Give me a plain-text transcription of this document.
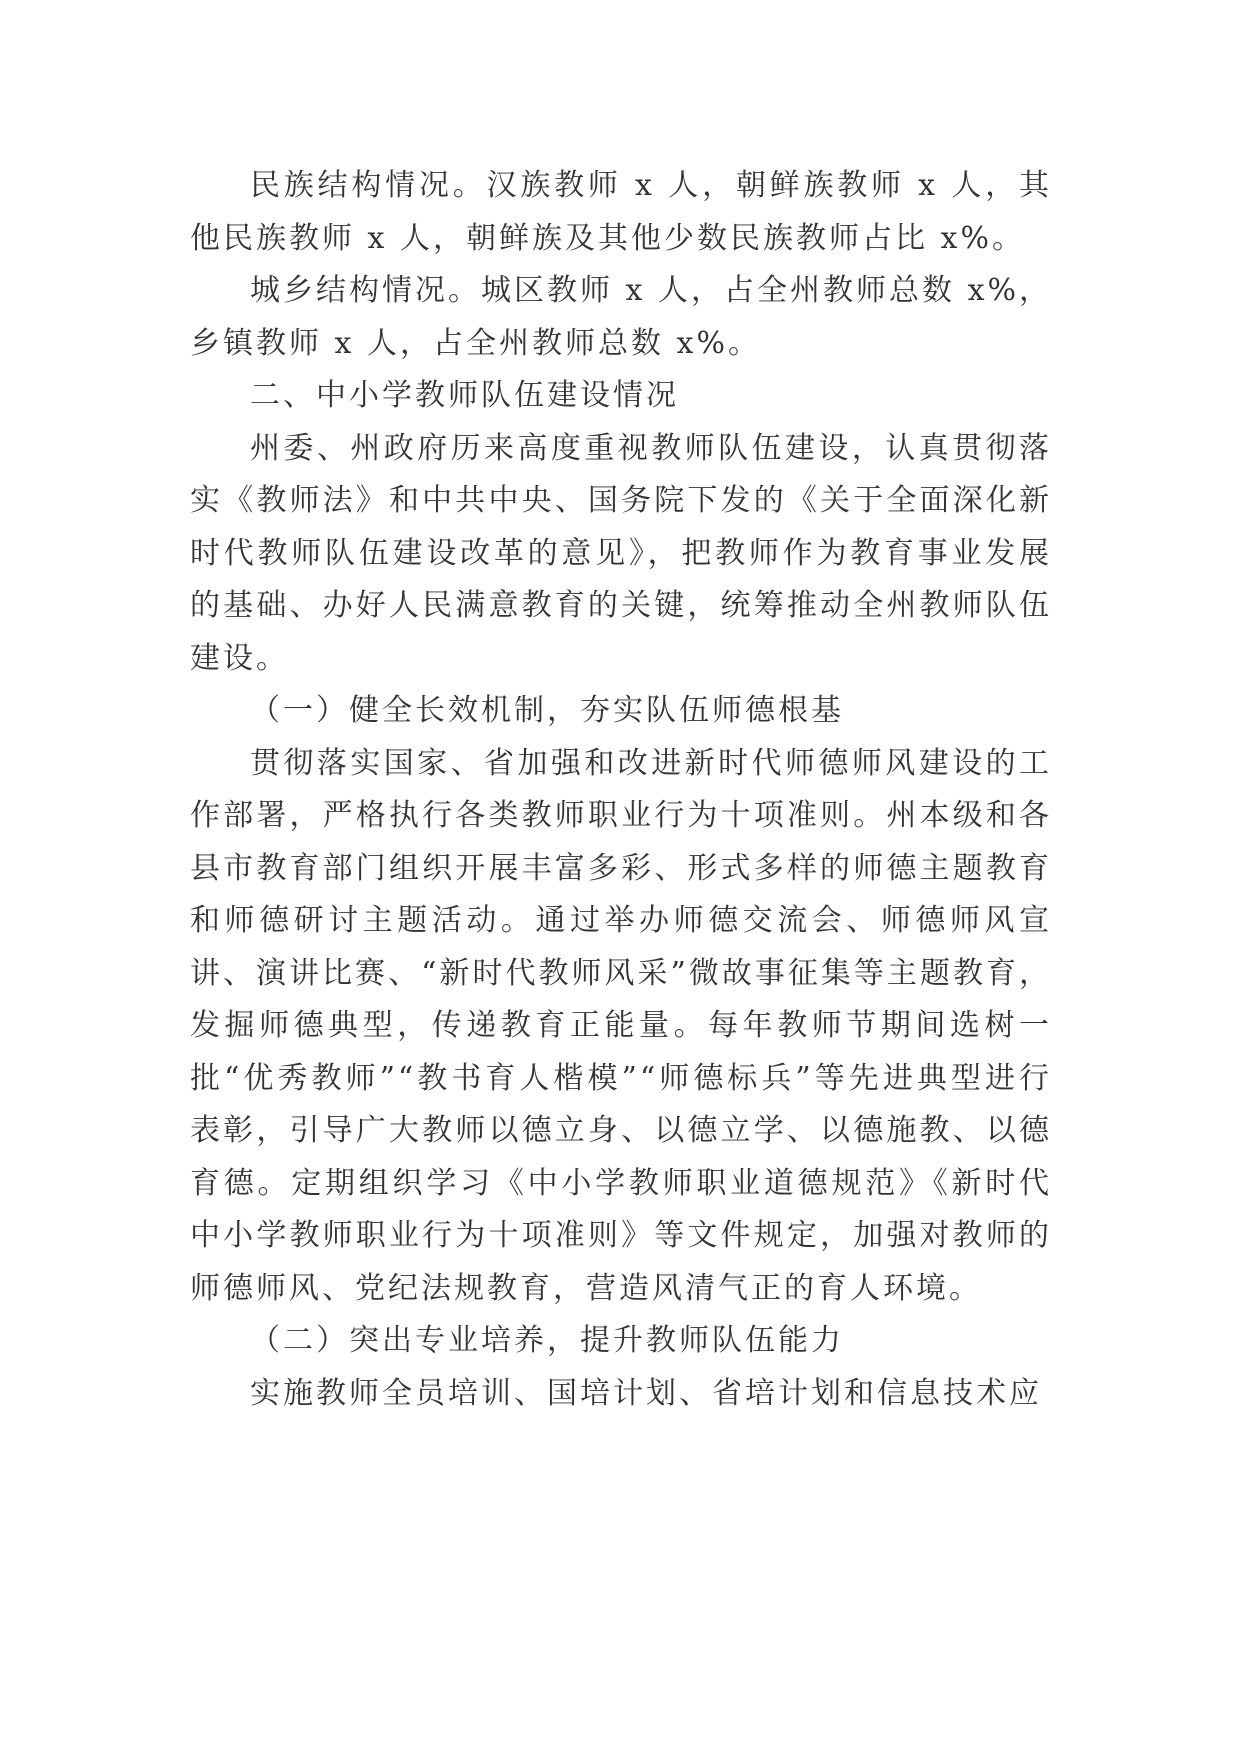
民族结构情况。汉族教师 x 人，朝鲜族教师 x 人，其他民族教师 x 人，朝鲜族及其他少数民族教师占比 x%。

城乡结构情况。城区教师 x 人，占全州教师总数 x%，乡镇教师 x 人，占全州教师总数 x%。

二、中小学教师队伍建设情况

州委、州政府历来高度重视教师队伍建设，认真贯彻落实《教师法》和中共中央、国务院下发的《关于全面深化新时代教师队伍建设改革的意见》，把教师作为教育事业发展的基础、办好人民满意教育的关键，统筹推动全州教师队伍建设。

（一）健全长效机制，夯实队伍师德根基

贯彻落实国家、省加强和改进新时代师德师风建设的工作部署，严格执行各类教师职业行为十项准则。州本级和各县市教育部门组织开展丰富多彩、形式多样的师德主题教育和师德研讨主题活动。通过举办师德交流会、师德师风宣讲、演讲比赛、“新时代教师风采”微故事征集等主题教育，发掘师德典型，传递教育正能量。每年教师节期间选树一批“优秀教师”“教书育人楷模”“师德标兵”等先进典型进行表彰，引导广大教师以德立身、以德立学、以德施教、以德育德。定期组织学习《中小学教师职业道德规范》《新时代中小学教师职业行为十项准则》等文件规定，加强对教师的师德师风、党纪法规教育，营造风清气正的育人环境。

（二）突出专业培养，提升教师队伍能力

实施教师全员培训、国培计划、省培计划和信息技术应
